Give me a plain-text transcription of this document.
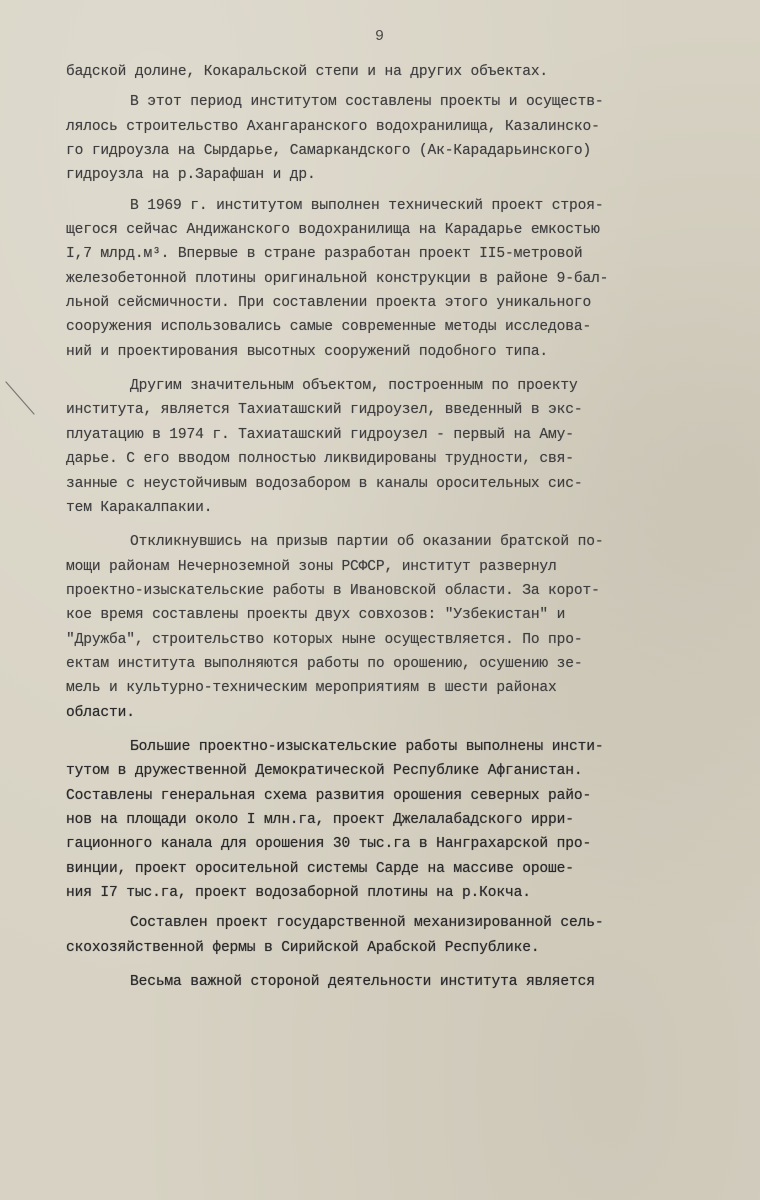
9
бадской долине, Кокаральской степи и на других объектах.
В этот период институтом составлены проекты и осуществ-
лялось строительство Ахангаранского водохранилища, Казалинско-
го гидроузла на Сырдарье, Самаркандского (Ак-Карадарьинского)
гидроузла на р.Зарафшан и др.
В 1969 г. институтом выполнен технический проект строя-
щегося сейчас Андижанского водохранилища на Карадарье емкостью
I,7 млрд.м³. Впервые в стране разработан проект II5-метровой
железобетонной плотины оригинальной конструкции в районе 9-бал-
льной сейсмичности. При составлении проекта этого уникального
сооружения использовались самые современные методы исследова-
ний и проектирования высотных сооружений подобного типа.
Другим значительным объектом, построенным по проекту
института, является Тахиаташский гидроузел, введенный в экс-
плуатацию в 1974 г. Тахиаташский гидроузел - первый на Аму-
дарье. С его вводом полностью ликвидированы трудности, свя-
занные с неустойчивым водозабором в каналы оросительных сис-
тем Каракалпакии.
Откликнувшись на призыв партии об оказании братской по-
мощи районам Нечерноземной зоны РСФСР, институт развернул
проектно-изыскательские работы в Ивановской области. За корот-
кое время составлены проекты двух совхозов: "Узбекистан" и
"Дружба", строительство которых ныне осуществляется. По про-
ектам института выполняются работы по орошению, осушению зе-
мель и культурно-техническим мероприятиям в шести районах
области.
Большие проектно-изыскательские работы выполнены инсти-
тутом в дружественной Демократической Республике Афганистан.
Составлены генеральная схема развития орошения северных райо-
нов на площади около I млн.га, проект Джелалабадского ирри-
гационного канала для орошения 30 тыс.га в Нанграхарской про-
винции, проект оросительной системы Сарде на массиве ороше-
ния I7 тыс.га, проект водозаборной плотины на р.Кокча.
Составлен проект государственной механизированной сель-
скохозяйственной фермы в Сирийской Арабской Республике.
Весьма важной стороной деятельности института является
